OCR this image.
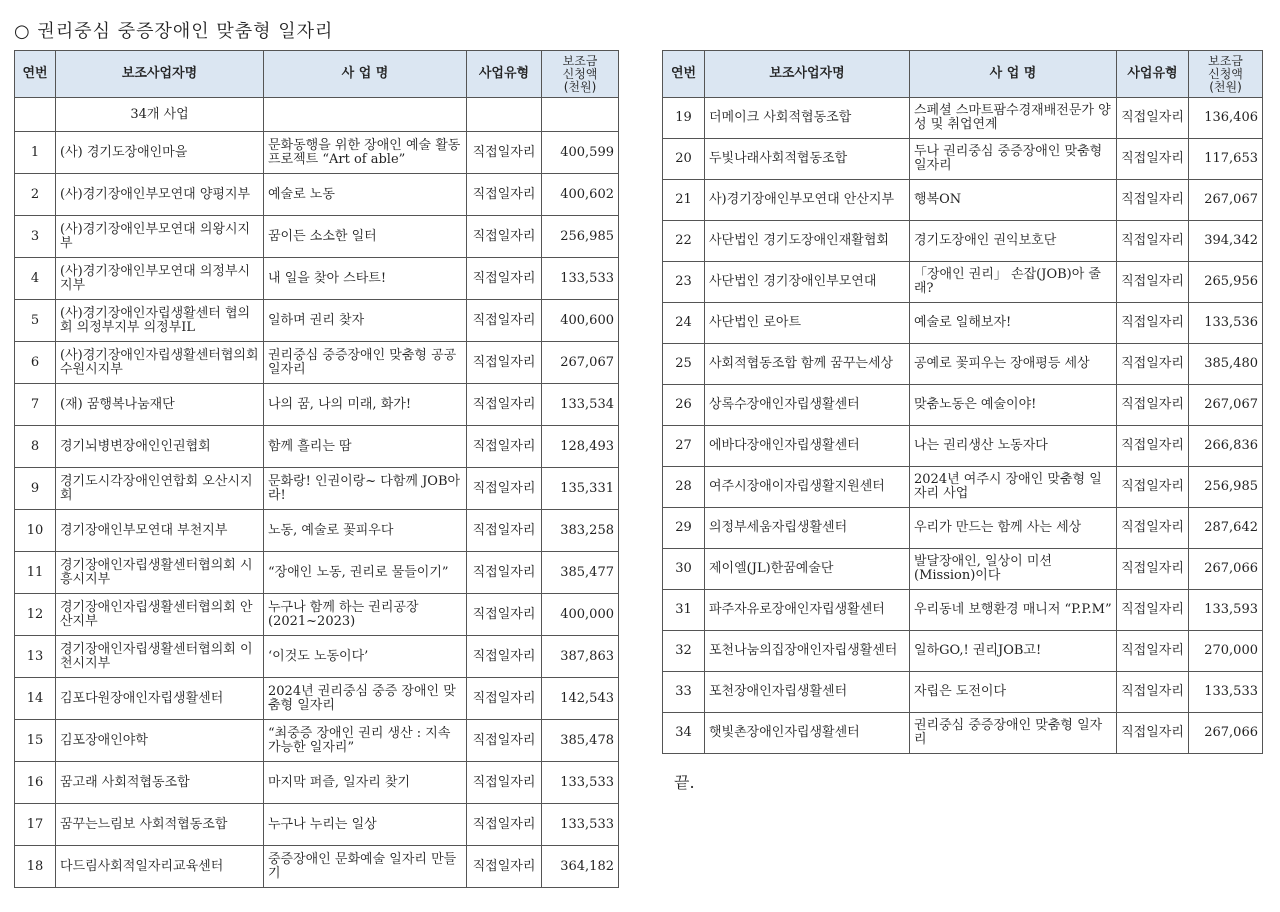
○ 권리중심 중증장애인 맞춤형 일자리
연번	보조사업자명	사 업 명	사업유형	보조금
신청액
(천원)

	34개 사업			
1	(사) 경기도장애인마을	문화동행을 위한 장애인 예술 활동 프로젝트 “Art of able”	직접일자리	400,599
2	(사)경기장애인부모연대 양평지부	예술로 노동	직접일자리	400,602
3	(사)경기장애인부모연대 의왕시지부	꿈이든 소소한 일터	직접일자리	256,985
4	(사)경기장애인부모연대 의정부시지부	내 일을 찾아 스타트!	직접일자리	133,533
5	(사)경기장애인자립생활센터 협의회 의정부지부 의정부IL	일하며 권리 찾자	직접일자리	400,600
6	(사)경기장애인자립생활센터협의회 수원시지부	권리중심 중증장애인 맞춤형 공공일자리	직접일자리	267,067
7	(재) 꿈행복나눔재단	나의 꿈, 나의 미래, 화가!	직접일자리	133,534
8	경기뇌병변장애인인권협회	함께 흘리는 땀	직접일자리	128,493
9	경기도시각장애인연합회 오산시지회	문화랑! 인권이랑~ 다함께 JOB아라!	직접일자리	135,331
10	경기장애인부모연대 부천지부	노동, 예술로 꽃피우다	직접일자리	383,258
11	경기장애인자립생활센터협의회 시흥시지부	“장애인 노동, 권리로 물들이기”	직접일자리	385,477
12	경기장애인자립생활센터협의회 안산지부	누구나 함께 하는 권리공장 (2021~2023)	직접일자리	400,000
13	경기장애인자립생활센터협의회 이천시지부	‘이것도 노동이다’	직접일자리	387,863
14	김포다원장애인자립생활센터	2024년 권리중심 중증 장애인 맞춤형 일자리	직접일자리	142,543
15	김포장애인야학	“최중증 장애인 권리 생산 : 지속가능한 일자리”	직접일자리	385,478
16	꿈고래 사회적협동조합	마지막 퍼즐, 일자리 찾기	직접일자리	133,533
17	꿈꾸는느림보 사회적협동조합	누구나 누리는 일상	직접일자리	133,533
18	다드림사회적일자리교육센터	중증장애인 문화예술 일자리 만들기	직접일자리	364,182
연번	보조사업자명	사 업 명	사업유형	보조금
신청액
(천원)

19	더메이크 사회적협동조합	스페셜 스마트팜수경재배전문가 양성 및 취업연계	직접일자리	136,406
20	두빛나래사회적협동조합	두나 권리중심 중증장애인 맞춤형 일자리	직접일자리	117,653
21	사)경기장애인부모연대 안산지부	행복ON	직접일자리	267,067
22	사단법인 경기도장애인재활협회	경기도장애인 권익보호단	직접일자리	394,342
23	사단법인 경기장애인부모연대	「장애인 권리」 손잡(JOB)아 줄래?	직접일자리	265,956
24	사단법인 로아트	예술로 일해보자!	직접일자리	133,536
25	사회적협동조합 함께 꿈꾸는세상	공예로 꽃피우는 장애평등 세상	직접일자리	385,480
26	상록수장애인자립생활센터	맞춤노동은 예술이야!	직접일자리	267,067
27	에바다장애인자립생활센터	나는 권리생산 노동자다	직접일자리	266,836
28	여주시장애이자립생활지원센터	2024년 여주시 장애인 맞춤형 일자리 사업	직접일자리	256,985
29	의정부세움자립생활센터	우리가 만드는 함께 사는 세상	직접일자리	287,642
30	제이엘(JL)한꿈예술단	발달장애인, 일상이 미션(Mission)이다	직접일자리	267,066
31	파주자유로장애인자립생활센터	우리동네 보행환경 매니저 “P.P.M”	직접일자리	133,593
32	포천나눔의집장애인자립생활센터	일하GO,! 권리JOB고!	직접일자리	270,000
33	포천장애인자립생활센터	자립은 도전이다	직접일자리	133,533
34	햇빛촌장애인자립생활센터	권리중심 중증장애인 맞춤형 일자리	직접일자리	267,066
끝.
